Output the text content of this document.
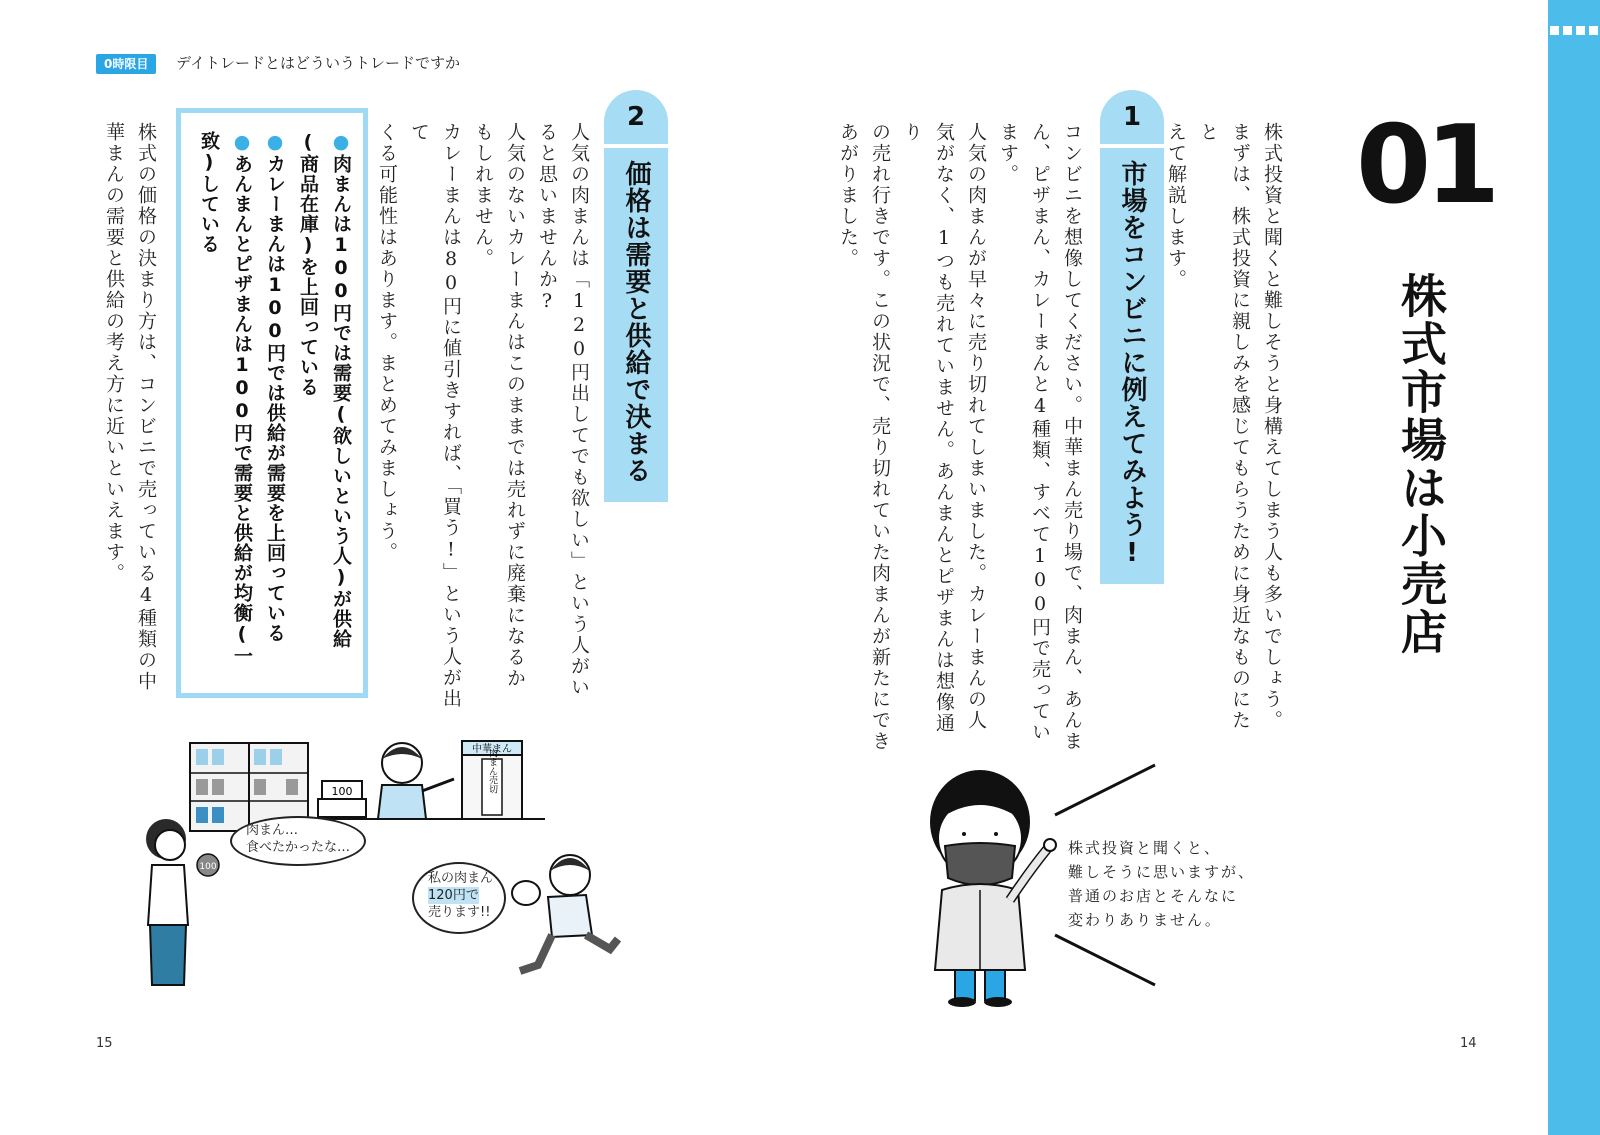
0時限目	デイトレードとはどういうトレードですか
01
株式市場は小売店
株式投資と聞くと難しそうと身構えてしまう人も多いでしょう。
まずは、株式投資に親しみを感じてもらうために身近なものにたと
えて解説します。
1
市場をコンビニに例えてみよう!
コンビニを想像してください。中華まん売り場で、肉まん、あんま
ん、ピザまん、カレーまんと4種類、すべて100円で売っています。
人気の肉まんが早々に売り切れてしまいました。カレーまんの人
気がなく、1つも売れていません。あんまんとピザまんは想像通り
の売れ行きです。この状況で、売り切れていた肉まんが新たにでき
あがりました。
株式投資と聞くと、
難しそうに思いますが、
普通のお店とそんなに
変わりありません。
2
価格は需要と供給で決まる
人気の肉まんは「120円出してでも欲しい」という人がい
ると思いませんか?
人気のないカレーまんはこのままでは売れずに廃棄になるか
もしれません。
カレーまんは80円に値引きすれば、「買う!」という人が出て
くる可能性はあります。まとめてみましょう。
●肉まんは100円では需要(欲しいという人)が供給(商品在庫)を上回っている
●カレーまんは100円では供給が需要を上回っている
●あんまんとピザまんは100円で需要と供給が均衡(一致)している
株式の価格の決まり方は、コンビニで売っている4種類の中
華まんの需要と供給の考え方に近いといえます。
100
中華まん
肉まん売切
100
肉まん…
食べたかったな…
私の肉まん
120円で
売ります!!
15	14
